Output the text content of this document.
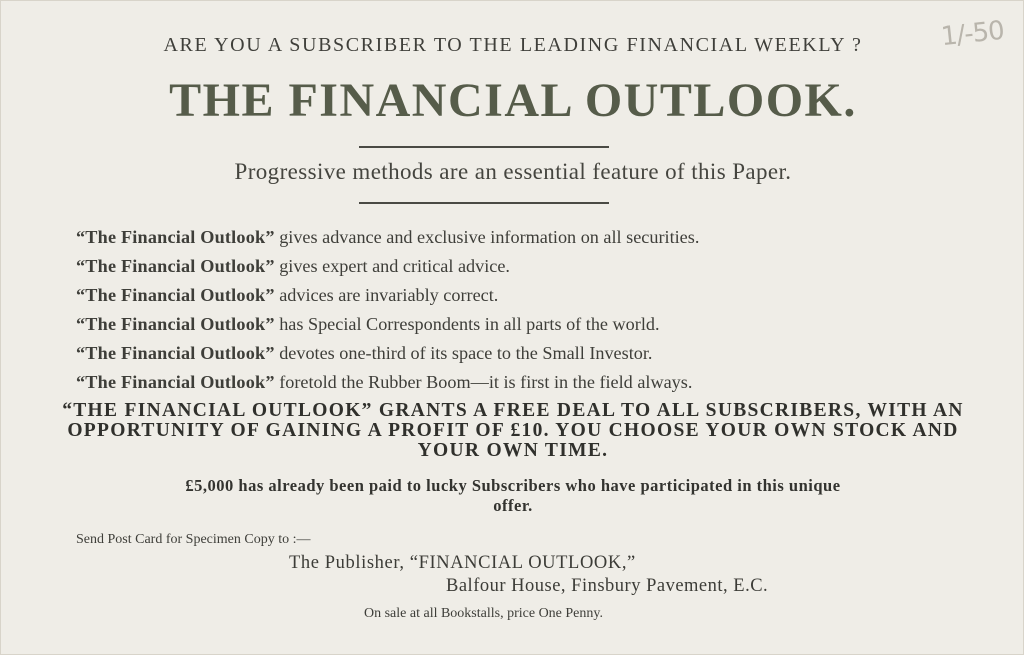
ARE YOU A SUBSCRIBER TO THE LEADING FINANCIAL WEEKLY ?
THE FINANCIAL OUTLOOK.
Progressive methods are an essential feature of this Paper.
“The Financial Outlook” gives advance and exclusive information on all securities.
“The Financial Outlook” gives expert and critical advice.
“The Financial Outlook” advices are invariably correct.
“The Financial Outlook” has Special Correspondents in all parts of the world.
“The Financial Outlook” devotes one-third of its space to the Small Investor.
“The Financial Outlook” foretold the Rubber Boom—it is first in the field always.
“THE FINANCIAL OUTLOOK” GRANTS A FREE DEAL TO ALL SUBSCRIBERS, WITH AN OPPORTUNITY OF GAINING A PROFIT OF £10. YOU CHOOSE YOUR OWN STOCK AND YOUR OWN TIME.
£5,000 has already been paid to lucky Subscribers who have participated in this unique offer.
Send Post Card for Specimen Copy to :—
The Publisher, “FINANCIAL OUTLOOK,”
Balfour House, Finsbury Pavement, E.C.
On sale at all Bookstalls, price One Penny.
1/-50
